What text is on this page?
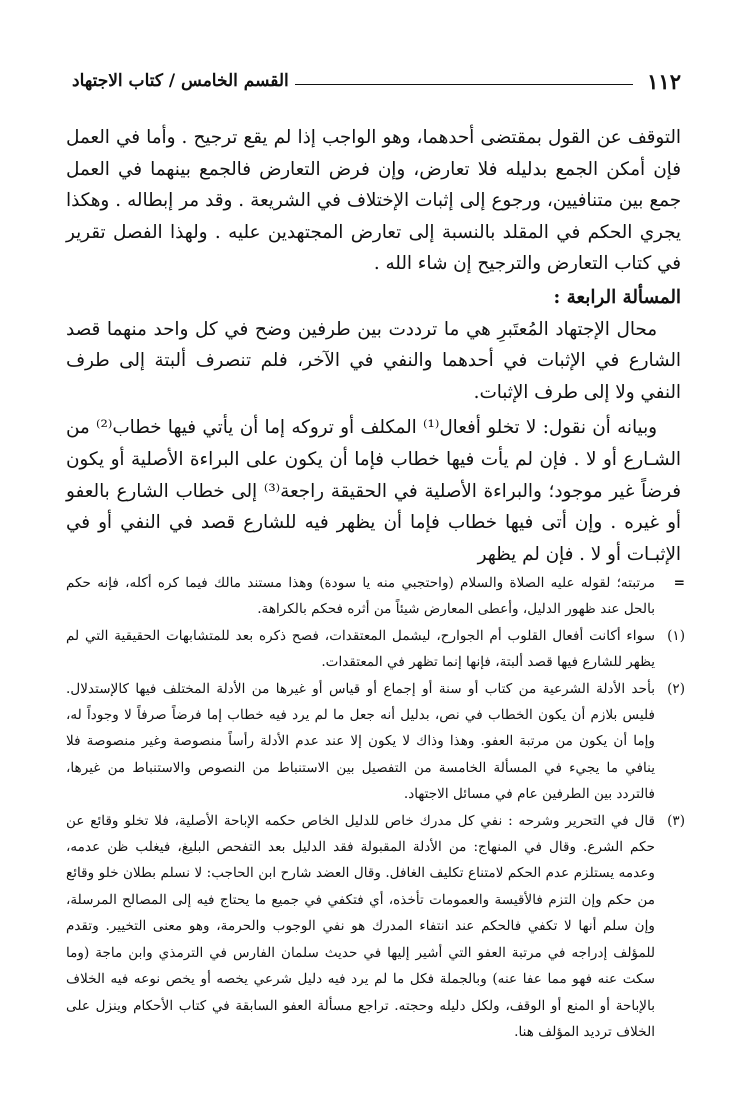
١١٢
القسم الخامس / كتاب الاجتهاد

التوقف عن القول بمقتضى أحدهما، وهو الواجب إذا لم يقع ترجيح . وأما في العمل فإن أمكن الجمع بدليله فلا تعارض، وإن فرض التعارض فالجمع بينهما في العمل جمع بين متنافيين، ورجوع إلى إثبات الإختلاف في الشريعة . وقد مر إبطاله . وهكذا يجري الحكم في المقلد بالنسبة إلى تعارض المجتهدين عليه . ولهذا الفصل تقرير في كتاب التعارض والترجيح إن شاء الله .

المسألة الرابعة :

محال الإجتهاد المُعتَبرِ هي ما ترددت بين طرفين وضح في كل واحد منهما قصد الشارع في الإثبات في أحدهما والنفي في الآخر، فلم تنصرف ألبتة إلى طرف النفي ولا إلى طرف الإثبات.

وبيانه أن نقول: لا تخلو أفعال⁽¹⁾ المكلف أو تروكه إما أن يأتي فيها خطاب⁽²⁾ من الشـارع أو لا . فإن لم يأت فيها خطاب فإما أن يكون على البراءة الأصلية أو يكون فرضاً غير موجود؛ والبراءة الأصلية في الحقيقة راجعة⁽³⁾ إلى خطاب الشارع بالعفو أو غيره . وإن أتى فيها خطاب فإما أن يظهر فيه للشارع قصد في النفي أو في الإثبـات أو لا . فإن لم يظهر

=
مرتبته؛ لقوله عليه الصلاة والسلام (واحتجبي منه يا سودة) وهذا مستند مالك فيما كره أكله، فإنه حكم بالحل عند ظهور الدليل، وأعطى المعارض شيئاً من أثره فحكم بالكراهة.
(١)
سواء أكانت أفعال القلوب أم الجوارح، ليشمل المعتقدات، فصح ذكره بعد للمتشابهات الحقيقية التي لم يظهر للشارع فيها قصد ألبتة، فإنها إنما تظهر في المعتقدات.
(٢)
بأحد الأدلة الشرعية من كتاب أو سنة أو إجماع أو قياس أو غيرها من الأدلة المختلف فيها كالإستدلال. فليس بلازم أن يكون الخطاب في نص، بدليل أنه جعل ما لم يرد فيه خطاب إما فرضاً صرفاً لا وجوداً له، وإما أن يكون من مرتبة العفو. وهذا وذاك لا يكون إلا عند عدم الأدلة رأساً منصوصة وغير منصوصة فلا ينافي ما يجيء في المسألة الخامسة من التفصيل بين الاستنباط من النصوص والاستنباط من غيرها، فالتردد بين الطرفين عام في مسائل الاجتهاد.
(٣)
قال في التحرير وشرحه : نفي كل مدرك خاص للدليل الخاص حكمه الإباحة الأصلية، فلا تخلو وقائع عن حكم الشرع. وقال في المنهاج: من الأدلة المقبولة فقد الدليل بعد التفحص البليغ، فيغلب ظن عدمه، وعدمه يستلزم عدم الحكم لامتناع تكليف الغافل. وقال العضد شارح ابن الحاجب: لا نسلم بطلان خلو وقائع من حكم وإن التزم فالأقيسة والعمومات تأخذه، أي فتكفي في جميع ما يحتاج فيه إلى المصالح المرسلة، وإن سلم أنها لا تكفي فالحكم عند انتفاء المدرك هو نفي الوجوب والحرمة، وهو معنى التخيير. وتقدم للمؤلف إدراجه في مرتبة العفو التي أشير إليها في حديث سلمان الفارس في الترمذي وابن ماجة (وما سكت عنه فهو مما عفا عنه) وبالجملة فكل ما لم يرد فيه دليل شرعي يخصه أو يخص نوعه فيه الخلاف بالإباحة أو المنع أو الوقف، ولكل دليله وحجته. تراجع مسألة العفو السابقة في كتاب الأحكام وينزل على الخلاف ترديد المؤلف هنا.
